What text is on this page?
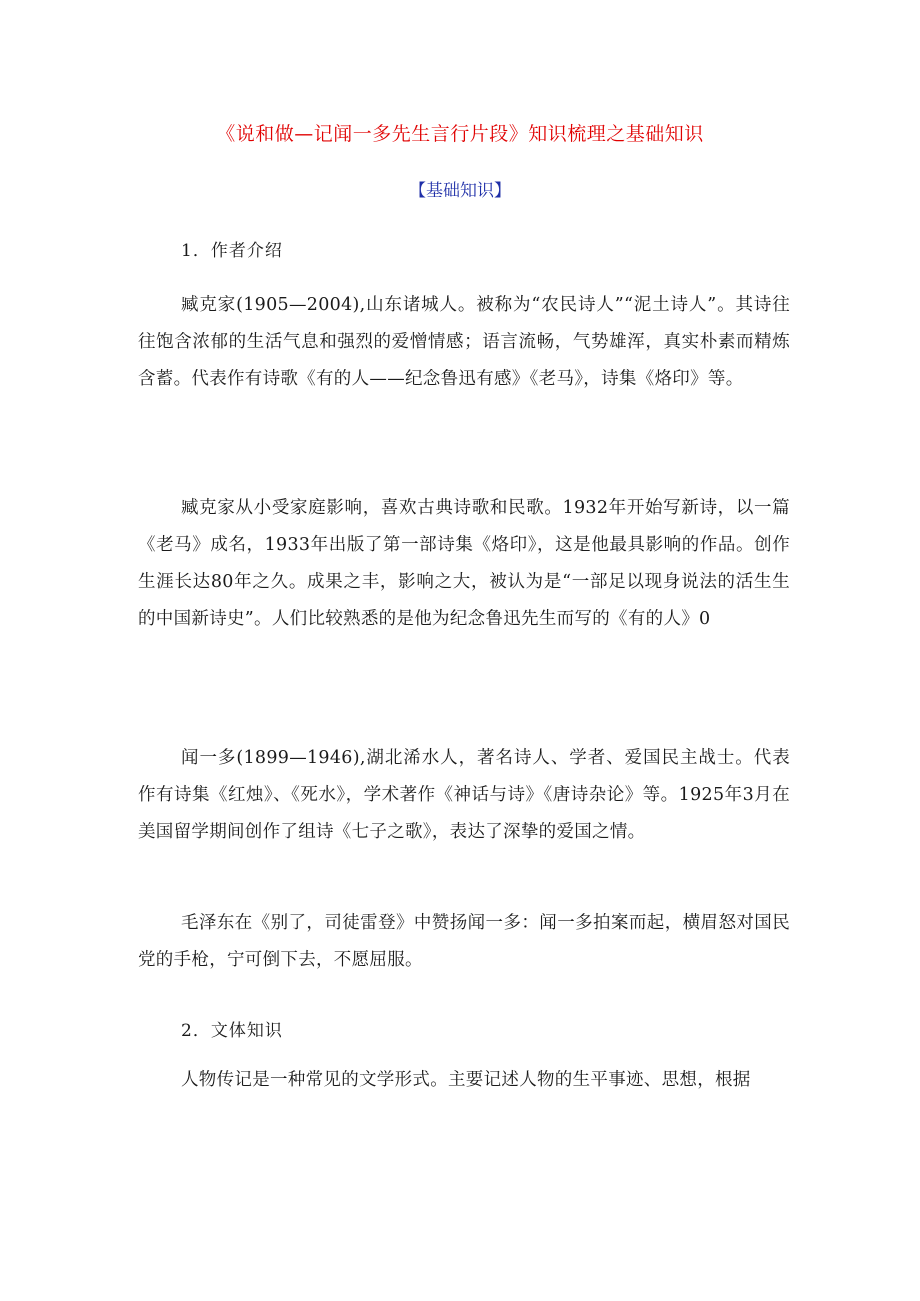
《说和做—记闻一多先生言行片段》知识梳理之基础知识
【基础知识】
1．作者介绍

臧克家(1905—2004),山东诸城人。被称为“农民诗人”“泥土诗人”。其诗往往饱含浓郁的生活气息和强烈的爱憎情感；语言流畅，气势雄浑，真实朴素而精炼含蓄。代表作有诗歌《有的人——纪念鲁迅有感》《老马》，诗集《烙印》等。

臧克家从小受家庭影响，喜欢古典诗歌和民歌。1932年开始写新诗，以一篇《老马》成名，1933年出版了第一部诗集《烙印》，这是他最具影响的作品。创作生涯长达80年之久。成果之丰，影响之大，被认为是“一部足以现身说法的活生生的中国新诗史”。人们比较熟悉的是他为纪念鲁迅先生而写的《有的人》0

闻一多(1899—1946),湖北浠水人，著名诗人、学者、爱国民主战士。代表作有诗集《红烛》、《死水》，学术著作《神话与诗》《唐诗杂论》等。1925年3月在美国留学期间创作了组诗《七子之歌》，表达了深挚的爱国之情。

毛泽东在《别了，司徒雷登》中赞扬闻一多：闻一多拍案而起，横眉怒对国民党的手枪，宁可倒下去，不愿屈服。

2．文体知识

人物传记是一种常见的文学形式。主要记述人物的生平事迹、思想，根据
